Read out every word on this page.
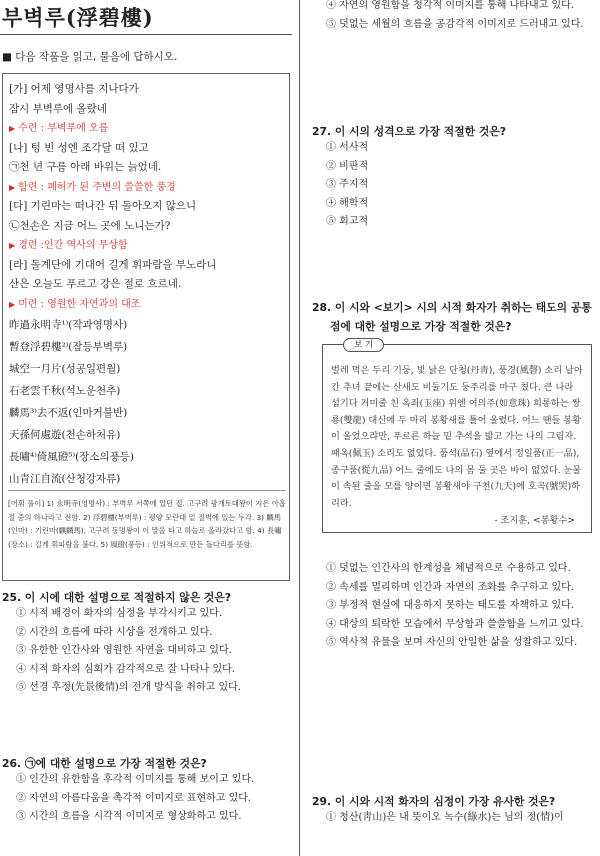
부벽루(浮碧樓)
■ 다음 작품을 읽고, 물음에 답하시오.
[가] 어제 영명사를 지나다가
잠시 부벽루에 올랐네
▶ 수련 : 부벽루에 오름
[나] 텅 빈 성엔 조각달 떠 있고
㉠천 년 구름 아래 바위는 늙었네.
▶ 함련 : 폐허가 된 주변의 쓸쓸한 풍경
[다] 기린마는 떠나간 뒤 돌아오지 않으니
㉡천손은 지금 어느 곳에 노니는가?
▶ 경련 :인간 역사의 무상함
[라] 돌계단에 기대어 길게 휘파람을 부노라니
산은 오늘도 푸르고 강은 절로 흐르네.
▶ 미련 : 영원한 자연과의 대조
昨過永明寺¹⁾(작과영명사)
暫登浮碧樓²⁾(잠등부벽루)
城空一月片(성공일편월)
石老雲千秋(석노운천추)
麟馬³⁾去不返(인마거불반)
天孫何處遊(천손하처유)
長嘯⁴⁾倚風磴⁵⁾(장소의풍등)
山青江自流(산청강자류)
[어휘 풀이] 1) 永明寺(영명사) : 부벽루 서쪽에 있던 절. 고구려 광개토대왕이 지은 아홉 절 중의 하나라고 전함. 2) 浮碧樓(부벽루) : 평양 모란대 밑 절벽에 있는 누각. 3) 麟馬(인마) : 기린마(麒麟馬), 고구려 동명왕이 이 말을 타고 하늘로 올라갔다고 함. 4) 長嘯(장소) : 길게 휘파람을 불다. 5) 風磴(풍등) : 인위적으로 만든 돌다리를 뜻함.
25. 이 시에 대한 설명으로 적절하지 않은 것은?
① 시적 배경이 화자의 심정을 부각시키고 있다.
② 시간의 흐름에 따라 시상을 전개하고 있다.
③ 유한한 인간사와 영원한 자연을 대비하고 있다.
④ 시적 화자의 심회가 감각적으로 잘 나타나 있다.
⑤ 선경 후정(先景後情)의 전개 방식을 취하고 있다.
26. ㉠에 대한 설명으로 가장 적절한 것은?
① 인간의 유한함을 후각적 이미지를 통해 보이고 있다.
② 자연의 아름다움을 촉각적 이미지로 표현하고 있다.
③ 시간의 흐름을 시각적 이미지로 형상화하고 있다.
④ 자연의 영원함을 청각적 이미지를 통해 나타내고 있다.
⑤ 덧없는 세월의 흐름을 공감각적 이미지로 드러내고 있다.
27. 이 시의 성격으로 가장 적절한 것은?
① 서사적
② 비판적
③ 주지적
④ 해학적
⑤ 회고적
28. 이 시와 <보기> 시의 시적 화자가 취하는 태도의 공통
점에 대한 설명으로 가장 적절한 것은?
보 기
벌레 먹은 두리 기둥, 빛 낡은 단청(丹靑), 풍경(風磬) 소리 날아간 추녀 끝에는 산새도 비둘기도 둥주리를 마구 쳤다. 큰 나라 섬기다 거미줄 친 옥좌(玉座) 위엔 여의주(如意珠) 희롱하는 쌍룡(雙龍) 대신에 두 마리 봉황새를 틀어 올렸다. 어느 땐들 봉황이 울었으랴만, 푸르른 하늘 밑 추석을 밟고 가는 나의 그림자. 패옥(佩玉) 소리도 없었다. 품석(品石) 옆에서 정일품(正一品), 종구품(從九品) 어느 줄에도 나의 몸 둘 곳은 바이 없었다. 눈물이 속된 줄을 모를 양이면 봉황새야 구천(九天)에 호곡(號哭)하리라.
- 조지훈, <봉황수>
① 덧없는 인간사의 한계성을 체념적으로 수용하고 있다.
② 속세를 멀리하며 인간과 자연의 조화를 추구하고 있다.
③ 부정적 현실에 대응하지 못하는 태도를 자책하고 있다.
④ 대상의 퇴락한 모습에서 무상함과 쓸쓸함을 느끼고 있다.
⑤ 역사적 유물을 보며 자신의 안일한 삶을 성찰하고 있다.
29. 이 시와 시적 화자의 심정이 가장 유사한 것은?
① 청산(靑山)은 내 뜻이오 녹수(綠水)는 님의 정(情)이
